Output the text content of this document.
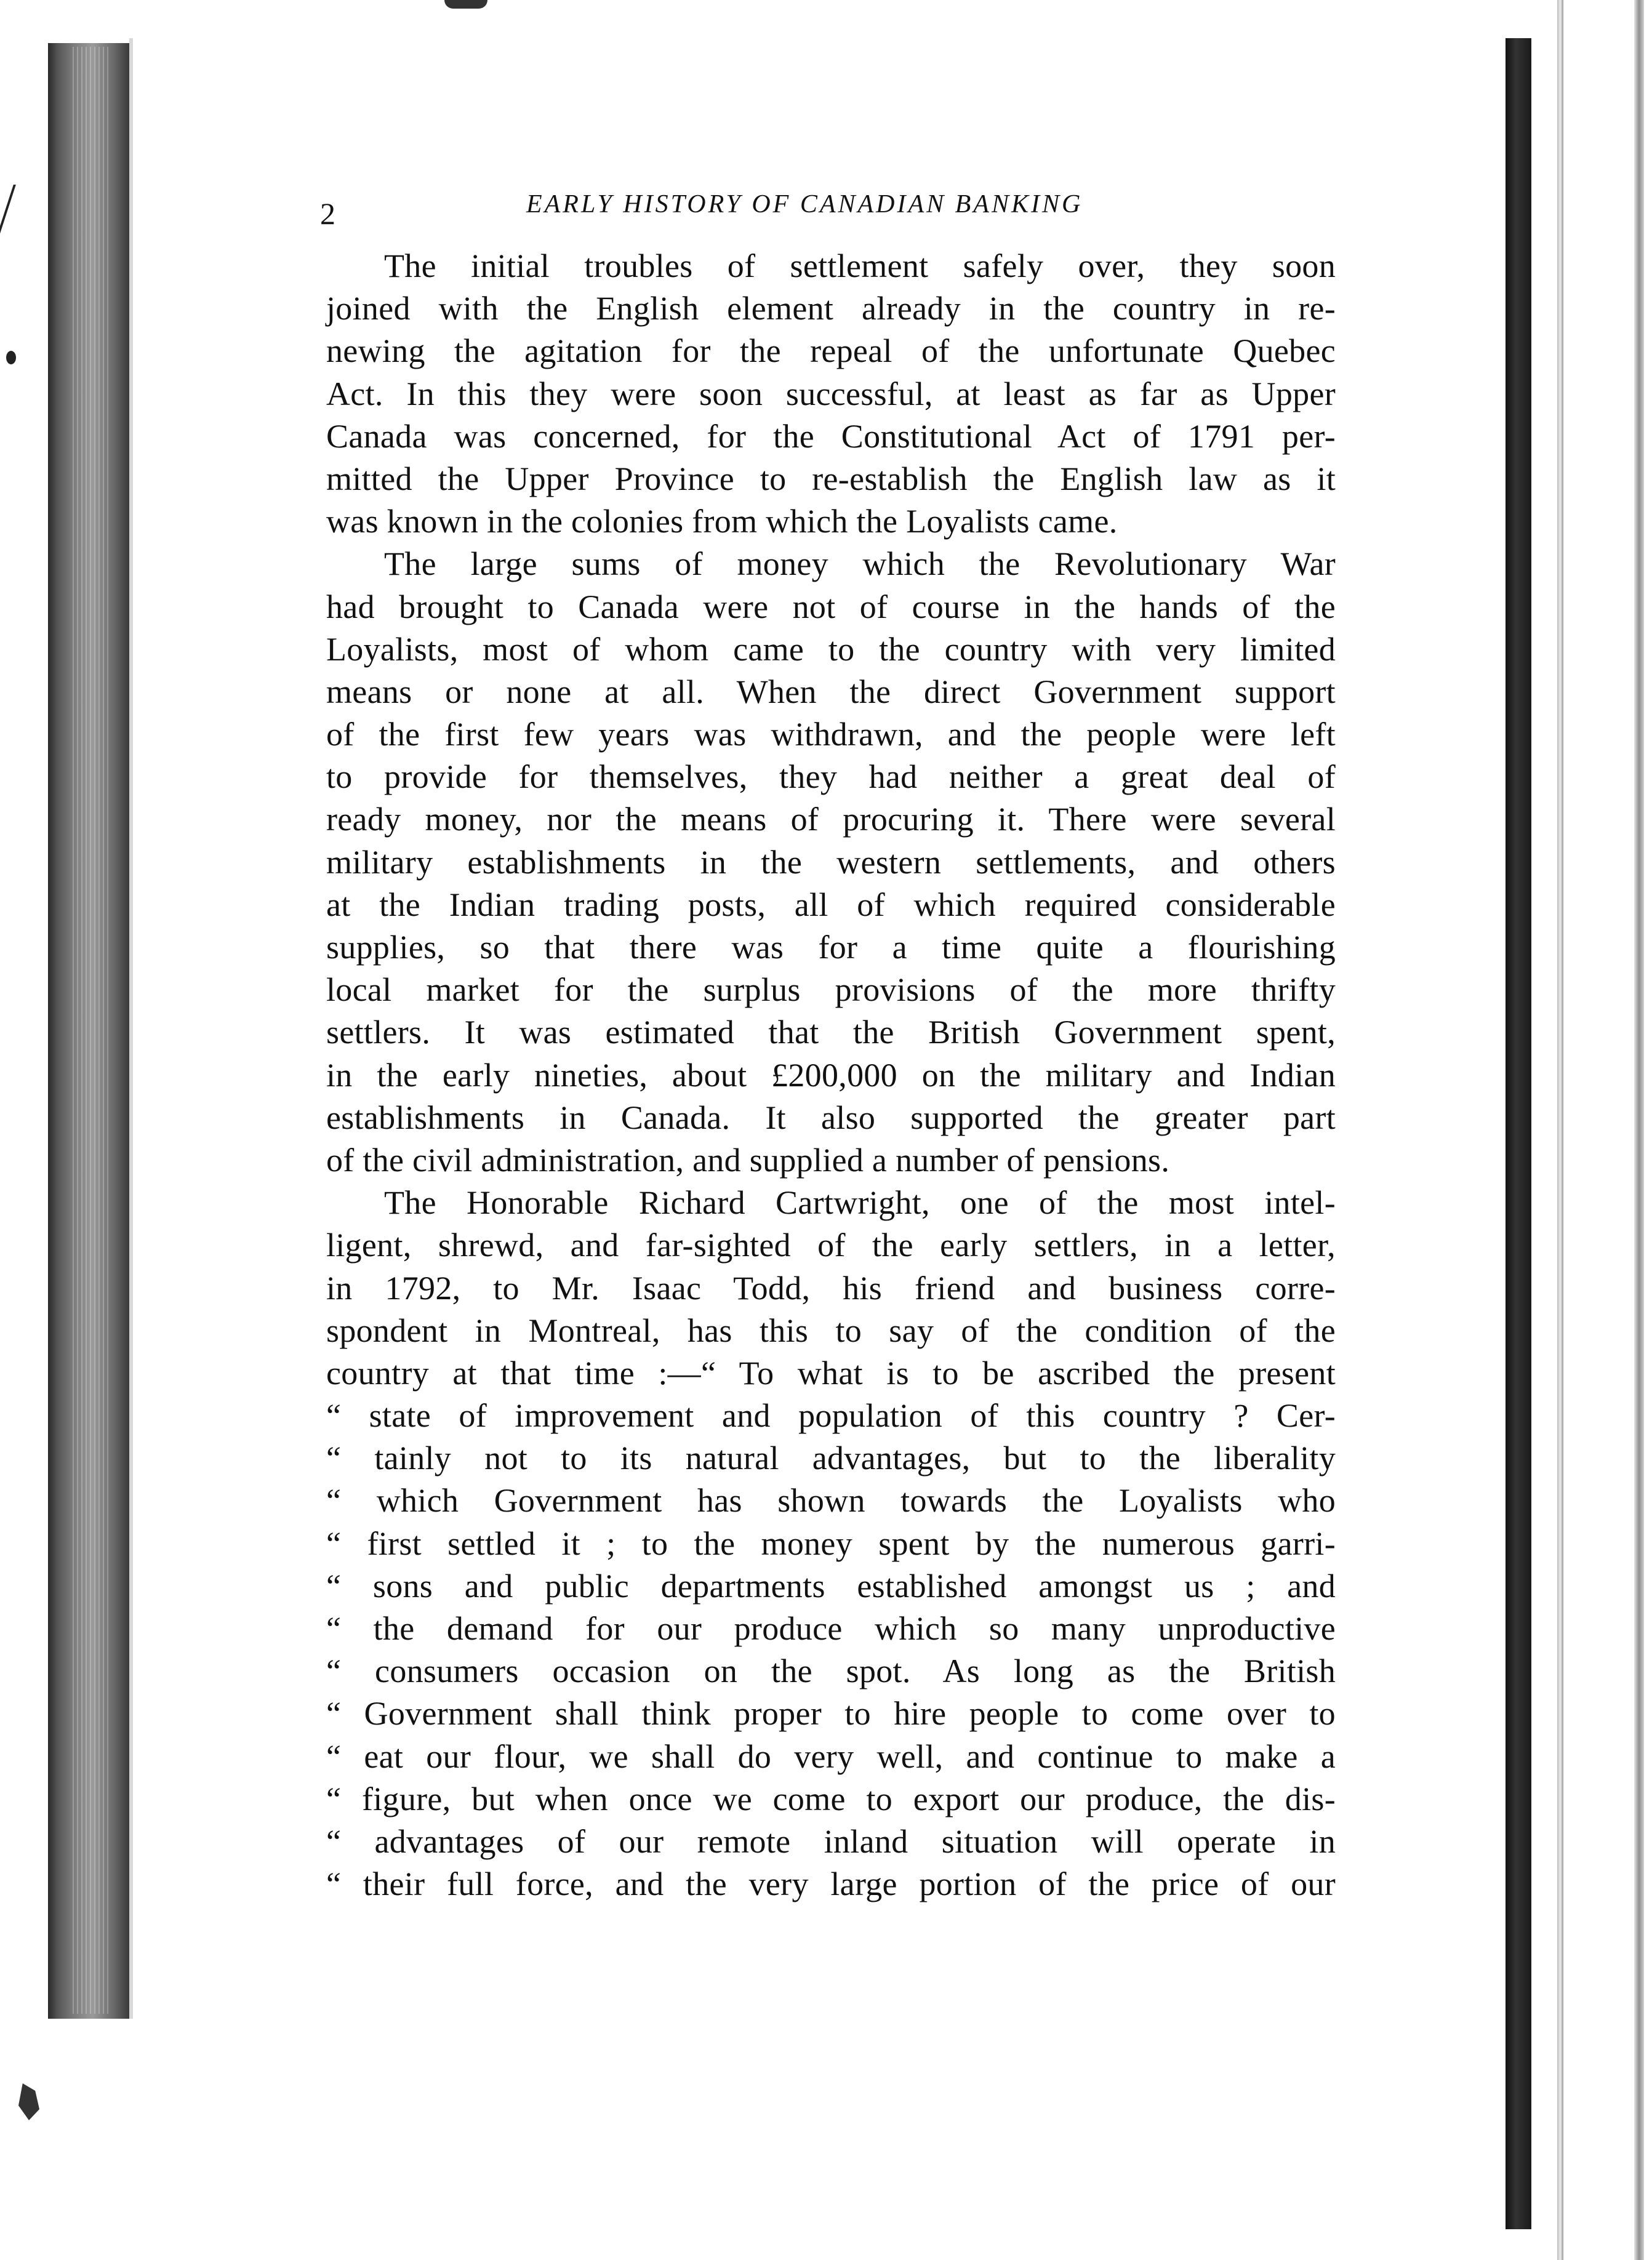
2	EARLY HISTORY OF CANADIAN BANKING
The initial troubles of settlement safely over, they soon
joined with the English element already in the country in re-
newing the agitation for the repeal of the unfortunate Quebec
Act. In this they were soon successful, at least as far as Upper
Canada was concerned, for the Constitutional Act of 1791 per-
mitted the Upper Province to re-establish the English law as it
was known in the colonies from which the Loyalists came.
The large sums of money which the Revolutionary War
had brought to Canada were not of course in the hands of the
Loyalists, most of whom came to the country with very limited
means or none at all. When the direct Government support
of the first few years was withdrawn, and the people were left
to provide for themselves, they had neither a great deal of
ready money, nor the means of procuring it. There were several
military establishments in the western settlements, and others
at the Indian trading posts, all of which required considerable
supplies, so that there was for a time quite a flourishing
local market for the surplus provisions of the more thrifty
settlers. It was estimated that the British Government spent,
in the early nineties, about £200,000 on the military and Indian
establishments in Canada. It also supported the greater part
of the civil administration, and supplied a number of pensions.
The Honorable Richard Cartwright, one of the most intel-
ligent, shrewd, and far-sighted of the early settlers, in a letter,
in 1792, to Mr. Isaac Todd, his friend and business corre-
spondent in Montreal, has this to say of the condition of the
country at that time :—“ To what is to be ascribed the present
“ state of improvement and population of this country ? Cer-
“ tainly not to its natural advantages, but to the liberality
“ which Government has shown towards the Loyalists who
“ first settled it ; to the money spent by the numerous garri-
“ sons and public departments established amongst us ; and
“ the demand for our produce which so many unproductive
“ consumers occasion on the spot. As long as the British
“ Government shall think proper to hire people to come over to
“ eat our flour, we shall do very well, and continue to make a
“ figure, but when once we come to export our produce, the dis-
“ advantages of our remote inland situation will operate in
“ their full force, and the very large portion of the price of our
